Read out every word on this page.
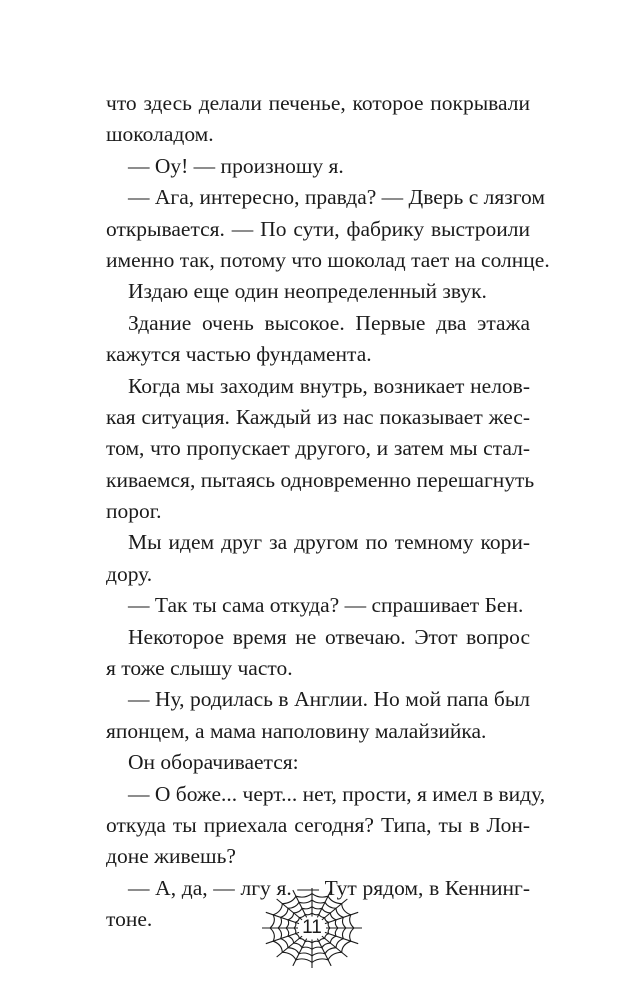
что здесь делали печенье, которое покрывали
шоколадом.
— Оу! — произношу я.
— Ага, интересно, правда? — Дверь с лязгом
открывается. — По сути, фабрику выстроили
именно так, потому что шоколад тает на солнце.
Издаю еще один неопределенный звук.
Здание очень высокое. Первые два этажа
кажутся частью фундамента.
Когда мы заходим внутрь, возникает нелов-
кая ситуация. Каждый из нас показывает жес-
том, что пропускает другого, и затем мы стал-
киваемся, пытаясь одновременно перешагнуть
порог.
Мы идем друг за другом по темному кори-
дору.
— Так ты сама откуда? — спрашивает Бен.
Некоторое время не отвечаю. Этот вопрос
я тоже слышу часто.
— Ну, родилась в Англии. Но мой папа был
японцем, а мама наполовину малайзийка.
Он оборачивается:
— О боже... черт... нет, прости, я имел в виду,
откуда ты приехала сегодня? Типа, ты в Лон-
доне живешь?
— А, да, — лгу я. — Тут рядом, в Кеннинг-
тоне.	11
